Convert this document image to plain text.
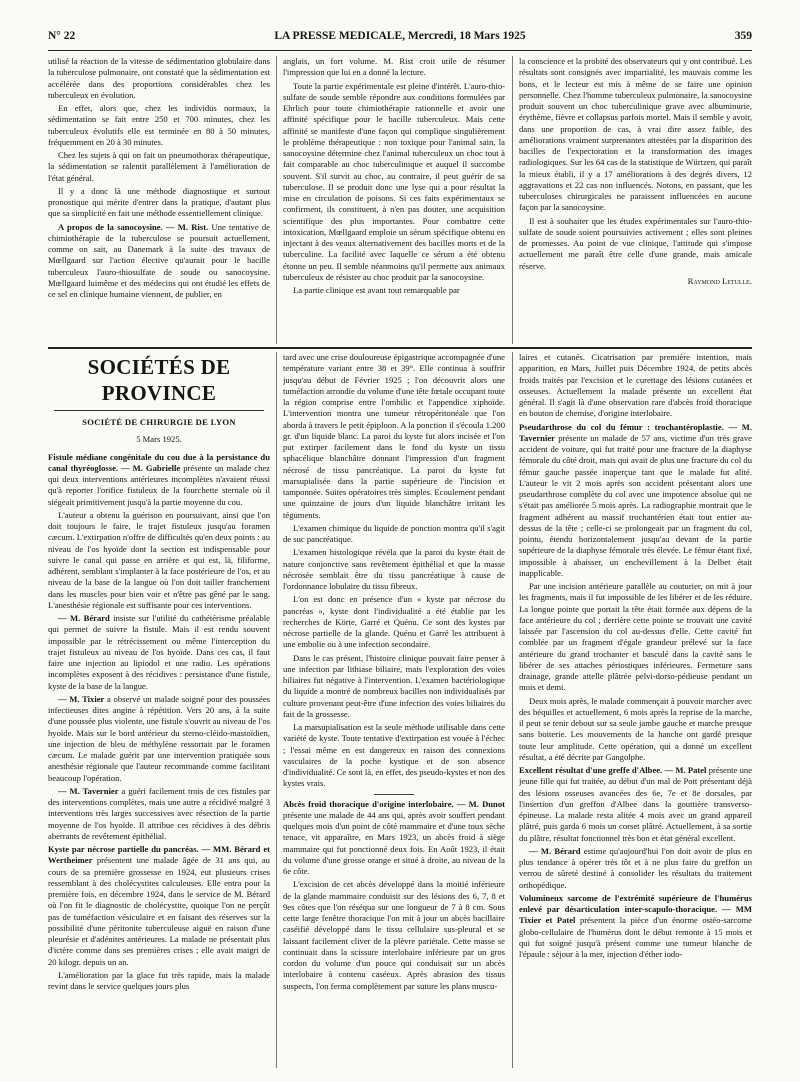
N° 22	LA PRESSE MEDICALE, Mercredi, 18 Mars 1925	359

utilisé la réaction de la vitesse de sédimentation globulaire dans la tuberculose pulmonaire, ont constaté que la sédimentation est accélérée dans des proportions considérables chez les tuberculeux en évolution.

En effet, alors que, chez les individus normaux, la sédimentation se fait entre 250 et 700 minutes, chez les tuberculeux évolutifs elle est terminée en 80 à 50 minutes, fréquemment en 20 à 30 minutes.

Chez les sujets à qui on fait un pneumothorax thérapeutique, la sédimentation se ralentit parallèlement à l'amélioration de l'état général.

Il y a donc là une méthode diagnostique et surtout pronostique qui mérite d'entrer dans la pratique, d'autant plus que sa simplicité en fait une méthode essentiellement clinique.

A propos de la sanocoysine. — M. Rist. Une tentative de chimiothérapie de la tuberculose se poursuit actuellement, comme on sait, au Danemark à la suite des travaux de Mœllgaard sur l'action élective qu'aurait pour le bacille tuberculeux l'auro-thiosulfate de soude ou sanocoysine. Mœllgaard luimême et des médecins qui ont étudié les effets de ce sel en clinique humaine viennent, de publier, en

anglais, un fort volume. M. Rist croit utile de résumer l'impression que lui en a donné la lecture.

Toute la partie expérimentale est pleine d'intérêt. L'auro-thio-sulfate de soude semble répondre aux conditions formulées par Ehrlich pour toute chimiothérapie rationnelle et avoir une affinité spécifique pour le bacille tuberculeux. Mais cette affinité se manifeste d'une façon qui complique singulièrement le problème thérapeutique : non toxique pour l'animal sain, la sanocoysine détermine chez l'animal tuberculeux un choc tout à fait comparable au choc tuberculinique et auquel il succombe souvent. S'il survit au choc, au contraire, il peut guérir de sa tuberculose. Il se produit donc une lyse qui a pour résultat la mise en circulation de poisons. Si ces faits expérimentaux se confirment, ils constituent, à n'en pas douter, une acquisition scientifique des plus importantes. Pour combattre cette intoxication, Mœllgaard emploie un sérum spécifique obtenu en injectant à des veaux alternativement des bacilles morts et de la tuberculine. La facilité avec laquelle ce sérum a été obtenu étonne un peu. Il semble néanmoins qu'il permette aux animaux tuberculeux de résister au choc produit par la sanocoysine.

La partie clinique est avant tout remarquable par

la conscience et la probité des observateurs qui y ont contribué. Les résultats sont consignés avec impartialité, les mauvais comme les bons, et le lecteur est mis à même de se faire une opinion personnelle. Chez l'homme tuberculeux pulmonaire, la sanocoysine produit souvent un choc tuberculinique grave avec albuminurie, érythème, fièvre et collapsus parfois mortel. Mais il semble y avoir, dans une proportion de cas, à vrai dire assez faible, des améliorations vraiment surprenantes attestées par la disparition des bacilles de l'expectoration et la transformation des images radiologiques. Sur les 64 cas de la statistique de Würtzen, qui paraît la mieux établi, il y a 17 améliorations à des degrés divers, 12 aggravations et 22 cas non influencés. Notons, en passant, que les tuberculoses chirurgicales ne paraissent influencées en aucune façon par la sanocoysine.

Il est à souhaiter que les études expérimentales sur l'auro-thio-sulfate de soude soient poursuivies activement ; elles sont pleines de promesses. Au point de vue clinique, l'attitude qui s'impose actuellement me paraît être celle d'une grande, mais amicale réserve.

Raymond Letulle.
SOCIÉTÉS DE PROVINCE
SOCIÉTÉ DE CHIRURGIE DE LYON
5 Mars 1925.

Fistule médiane congénitale du cou due à la persistance du canal thyréoglosse. — M. Gabrielle présente un malade chez qui deux interventions antérieures incomplètes n'avaient réussi qu'à reporter l'orifice fistuleux de la fourchette sternale où il siégeait primitivement jusqu'à la partie moyenne du cou.

L'auteur a obtenu la guérison en poursuivant, ainsi que l'on doit toujours le faire, le trajet fistuleux jusqu'au foramen cæcum. L'extirpation n'offre de difficultés qu'en deux points : au niveau de l'os hyoïde dont la section est indispensable pour suivre le canal qui passe en arrière et qui est, là, filiforme, adhérent, semblant s'implanter à la face postérieure de l'os, et au niveau de la base de la langue où l'on doit tailler franchement dans les muscles pour bien voir et n'être pas gêné par le sang. L'anesthésie régionale est suffisante pour ces interventions.

— M. Bérard insiste sur l'utilité du cathétérisme préalable qui permet de suivre la fistule. Mais il est rendu souvent impossible par le rétrécissement ou même l'interception du trajet fistuleux au niveau de l'os hyoïde. Dans ces cas, il faut faire une injection au lipiodol et une radio. Les opérations incomplètes exposent à des récidives : persistance d'une fistule, kyste de la base de la langue.

— M. Tixier a observé un malade soigné pour des poussées infectieuses dites angine à répétition. Vers 20 ans, à la suite d'une poussée plus violente, une fistule s'ouvrit au niveau de l'os hyoïde. Mais sur le bord antérieur du sterno-cléido-mastoïdien, une injection de bleu de méthylène ressortait par le foramen cæcum. Le malade guérit par une intervention pratiquée sous anesthésie régionale que l'auteur recommande comme facilitant beaucoup l'opération.

— M. Tavernier a guéri facilement trois de ces fistules par des interventions complètes, mais une autre a récidivé malgré 3 interventions très larges successives avec résection de la partie moyenne de l'os hyoïde. Il attribue ces récidives à des débris aberrants de revêtement épithélial.

Kyste par nécrose partielle du pancréas. — MM. Bérard et Wertheimer présentent une malade âgée de 31 ans qui, au cours de sa première grossesse en 1924, eut plusieurs crises ressemblant à des cholécystites calculeuses. Elle entra pour la première fois, en décembre 1924, dans le service de M. Bérard où l'on fit le diagnostic de cholécystite, quoique l'on ne perçût pas de tuméfaction vésiculaire et en faisant des réserves sur la possibilité d'une péritonite tuberculeuse aiguë en raison d'une pleurésie et d'adénites antérieures. La malade ne présentait plus d'ictère comme dans ses premières crises ; elle avait maigri de 20 kilogr. depuis un an.

L'amélioration par la glace fut très rapide, mais la malade revint dans le service quelques jours plus

tard avec une crise douloureuse épigastrique accompagnée d'une température variant entre 38 et 39°. Elle continua à souffrir jusqu'au début de Février 1925 ; l'on découvrit alors une tuméfaction arrondie du volume d'une tête fœtale occupant toute la région comprise entre l'ombilic et l'appendice xiphoïde. L'intervention montra une tumeur rétropéritonéale que l'on aborda à travers le petit épiploon. A la ponction il s'écoula 1.200 gr. d'un liquide blanc. La paroi du kyste fut alors incisée et l'on put extirper facilement dans le fond du kyste un tissu sphacélique blanchâtre donnant l'impression d'un fragment nécrosé de tissu pancréatique. La paroi du kyste fut marsupialisée dans la partie supérieure de l'incision et tamponnée. Suites opératoires très simples. Ecoulement pendant une quinzaine de jours d'un liquide blanchâtre irritant les téguments.

L'examen chimique du liquide de ponction montra qu'il s'agit de suc pancréatique.

L'examen histologique révéla que la paroi du kyste était de nature conjonctive sans revêtement épithélial et que la masse nécrosée semblait être du tissu pancréatique à cause de l'ordonnance lobulaire du tissu fibreux.

L'on est donc en présence d'un « kyste par nécrose du pancréas », kyste dont l'individualité a été établie par les recherches de Körte, Garré et Quénu. Ce sont des kystes par nécrose partielle de la glande. Quénu et Garré les attribuent à une embolie ou à une infection secondaire.

Dans le cas présent, l'histoire clinique pouvait faire penser à une infection par lithiase biliaire, mais l'exploration des voies biliaires fut négative à l'intervention. L'examen bactériologique du liquide a montré de nombreux bacilles non individualisés par culture provenant peut-être d'une infection des voies biliaires du fait de la grossesse.

La marsupialisation est la seule méthode utilisable dans cette variété de kyste. Toute tentative d'extirpation est vouée à l'échec ; l'essai même en est dangereux en raison des connexions vasculaires de la poche kystique et de son absence d'individualité. Ce sont là, en effet, des pseudo-kystes et non des kystes vrais.

Abcès froid thoracique d'origine interlobaire. — M. Dunot présente une malade de 44 ans qui, après avoir souffert pendant quelques mois d'un point de côté mammaire et d'une toux sèche tenace, vit apparaître, en Mars 1923, un abcès froid à siège mammaire qui fut ponctionné deux fois. En Août 1923, il était du volume d'une grosse orange et situé à droite, au niveau de la 6e côte.

L'excision de cet abcès développé dans la moitié inférieure de la glande mammaire conduisit sur des lésions des 6, 7, 8 et 9es côtes que l'on réséqua sur une longueur de 7 à 8 cm. Sous cette large fenêtre thoracique l'on mit à jour un abcès bacillaire caséifié développé dans le tissu cellulaire sus-pleural et se laissant facilement cliver de la plèvre pariétale. Cette masse se continuait dans la scissure interlobaire inférieure par un gros cordon du volume d'un pouce qui conduisait sur un abcès interlobaire à contenu caséeux. Après abrasion des tissus suspects, l'on ferma complètement par suture les plans muscu-

laires et cutanés. Cicatrisation par première intention, mais apparition, en Mars, Juillet puis Décembre 1924, de petits abcès froids traités par l'excision et le curettage des lésions cutanées et osseuses. Actuellement la malade présente un excellent état général. Il s'agit là d'une observation rare d'abcès froid thoracique en bouton de chemise, d'origine interlobaire.

Pseudarthrose du col du fémur : trochantéroplastie. — M. Tavernier présente un malade de 57 ans, victime d'un très grave accident de voiture, qui fut traité pour une fracture de la diaphyse fémorale du côté droit, mais qui avait de plus une fracture du col du fémur gauche passée inaperçue tant que le malade fut alité. L'auteur le vit 2 mois après son accident présentant alors une pseudarthrose complète du col avec une impotence absolue qui ne s'était pas améliorée 5 mois après. La radiographie montrait que le fragment adhérent au massif trochantérien était tout entier au-dessus de la tête ; celle-ci se prolongeait par un fragment du col, pointu, étendu horizontalement jusqu'au devant de la partie supérieure de la diaphyse fémorale très élevée. Le fémur étant fixé, impossible à abaisser, un enchevillement à la Delbet était inapplicable.

Par une incision antérieure parallèle au couturier, on mit à jour les fragments, mais il fut impossible de les libérer et de les réduire. La longue pointe que portait la tête était formée aux dépens de la face antérieure du col ; derrière cette pointe se trouvait une cavité laissée par l'ascension du col au-dessus d'elle. Cette cavité fut comblée par un fragment d'égale grandeur prélevé sur la face antérieure du grand trochanter et basculé dans la cavité sans le libérer de ses attaches périostiques inférieures. Fermeture sans drainage, grande attelle plâtrée pelvi-dorso-pédieuse pendant un mois et demi.

Deux mois après, le malade commençait à pouvoir marcher avec des béquilles et actuellement, 6 mois après la reprise de la marche, il peut se tenir debout sur sa seule jambe gauche et marche presque sans boiterie. Les mouvements de la hanche ont gardé presque toute leur amplitude. Cette opération, qui a donné un excellent résultat, a été décrite par Gangolphe.

Excellent résultat d'une greffe d'Albee. — M. Patel présente une jeune fille qui fut traitée, au début d'un mal de Pott présentant déjà des lésions osseuses avancées des 6e, 7e et 8e dorsales, par l'insertion d'un greffon d'Albee dans la gouttière transverso-épineuse. La malade resta alitée 4 mois avec un grand appareil plâtré, puis garda 6 mois un corset plâtré. Actuellement, à sa sortie du plâtre, résultat fonctionnel très bon et état général excellent.

— M. Bérard estime qu'aujourd'hui l'on doit avoir de plus en plus tendance à opérer très tôt et à ne plus faire du greffon un verrou de sûreté destiné à consolider les résultats du traitement orthopédique.

Volumineux sarcome de l'extrémité supérieure de l'humérus enlevé par désarticulation inter-scapulo-thoracique. — MM Tixier et Patel présentent la pièce d'un énorme ostéo-sarcome globo-cellulaire de l'humérus dont le début remonte à 15 mois et qui fut soigné jusqu'à présent comme une tumeur blanche de l'épaule : séjour à la mer, injection d'éther iodo-
